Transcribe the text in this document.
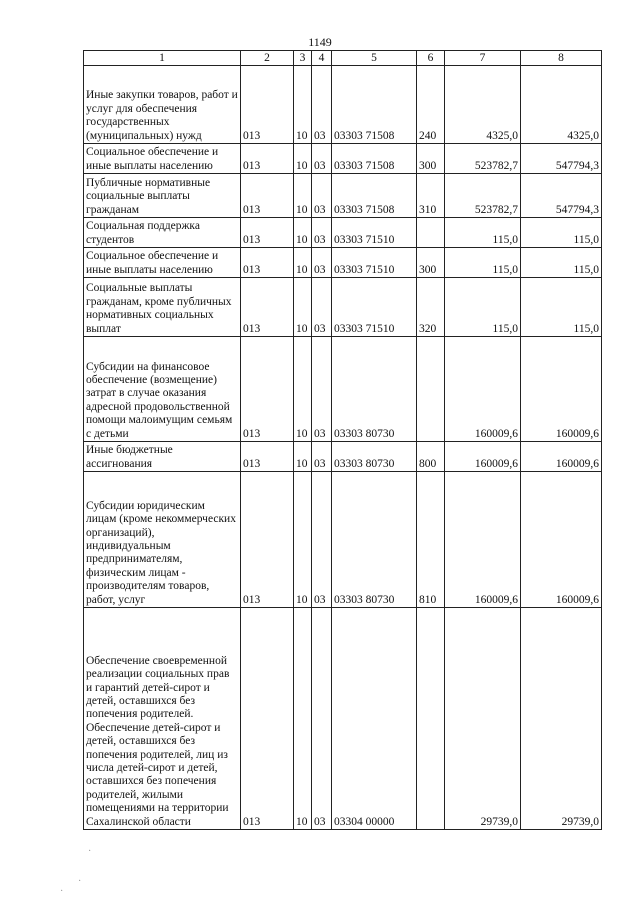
1149
1	2	3	4	5	6	7	8
Иные закупки товаров, работ и услуг для обеспечения государственных (муниципальных) нужд	013	10	03	03303 71508	240	4325,0	4325,0
Социальное обеспечение и иные выплаты населению	013	10	03	03303 71508	300	523782,7	547794,3
Публичные нормативные социальные выплаты гражданам	013	10	03	03303 71508	310	523782,7	547794,3
Социальная поддержка студентов	013	10	03	03303 71510		115,0	115,0
Социальное обеспечение и иные выплаты населению	013	10	03	03303 71510	300	115,0	115,0
Социальные выплаты гражданам, кроме публичных нормативных социальных выплат	013	10	03	03303 71510	320	115,0	115,0
Субсидии на финансовое обеспечение (возмещение) затрат в случае оказания адресной продовольственной помощи малоимущим семьям с детьми	013	10	03	03303 80730		160009,6	160009,6
Иные бюджетные ассигнования	013	10	03	03303 80730	800	160009,6	160009,6
Субсидии юридическим лицам (кроме некоммерческих организаций), индивидуальным предпринимателям, физическим лицам - производителям товаров, работ, услуг	013	10	03	03303 80730	810	160009,6	160009,6
Обеспечение своевременной реализации социальных прав и гарантий детей-сирот и детей, оставшихся без попечения родителей. Обеспечение детей-сирот и детей, оставшихся без попечения родителей, лиц из числа детей-сирот и детей, оставшихся без попечения родителей, жилыми помещениями на территории Сахалинской области	013	10	03	03304 00000		29739,0	29739,0
·
·
·
